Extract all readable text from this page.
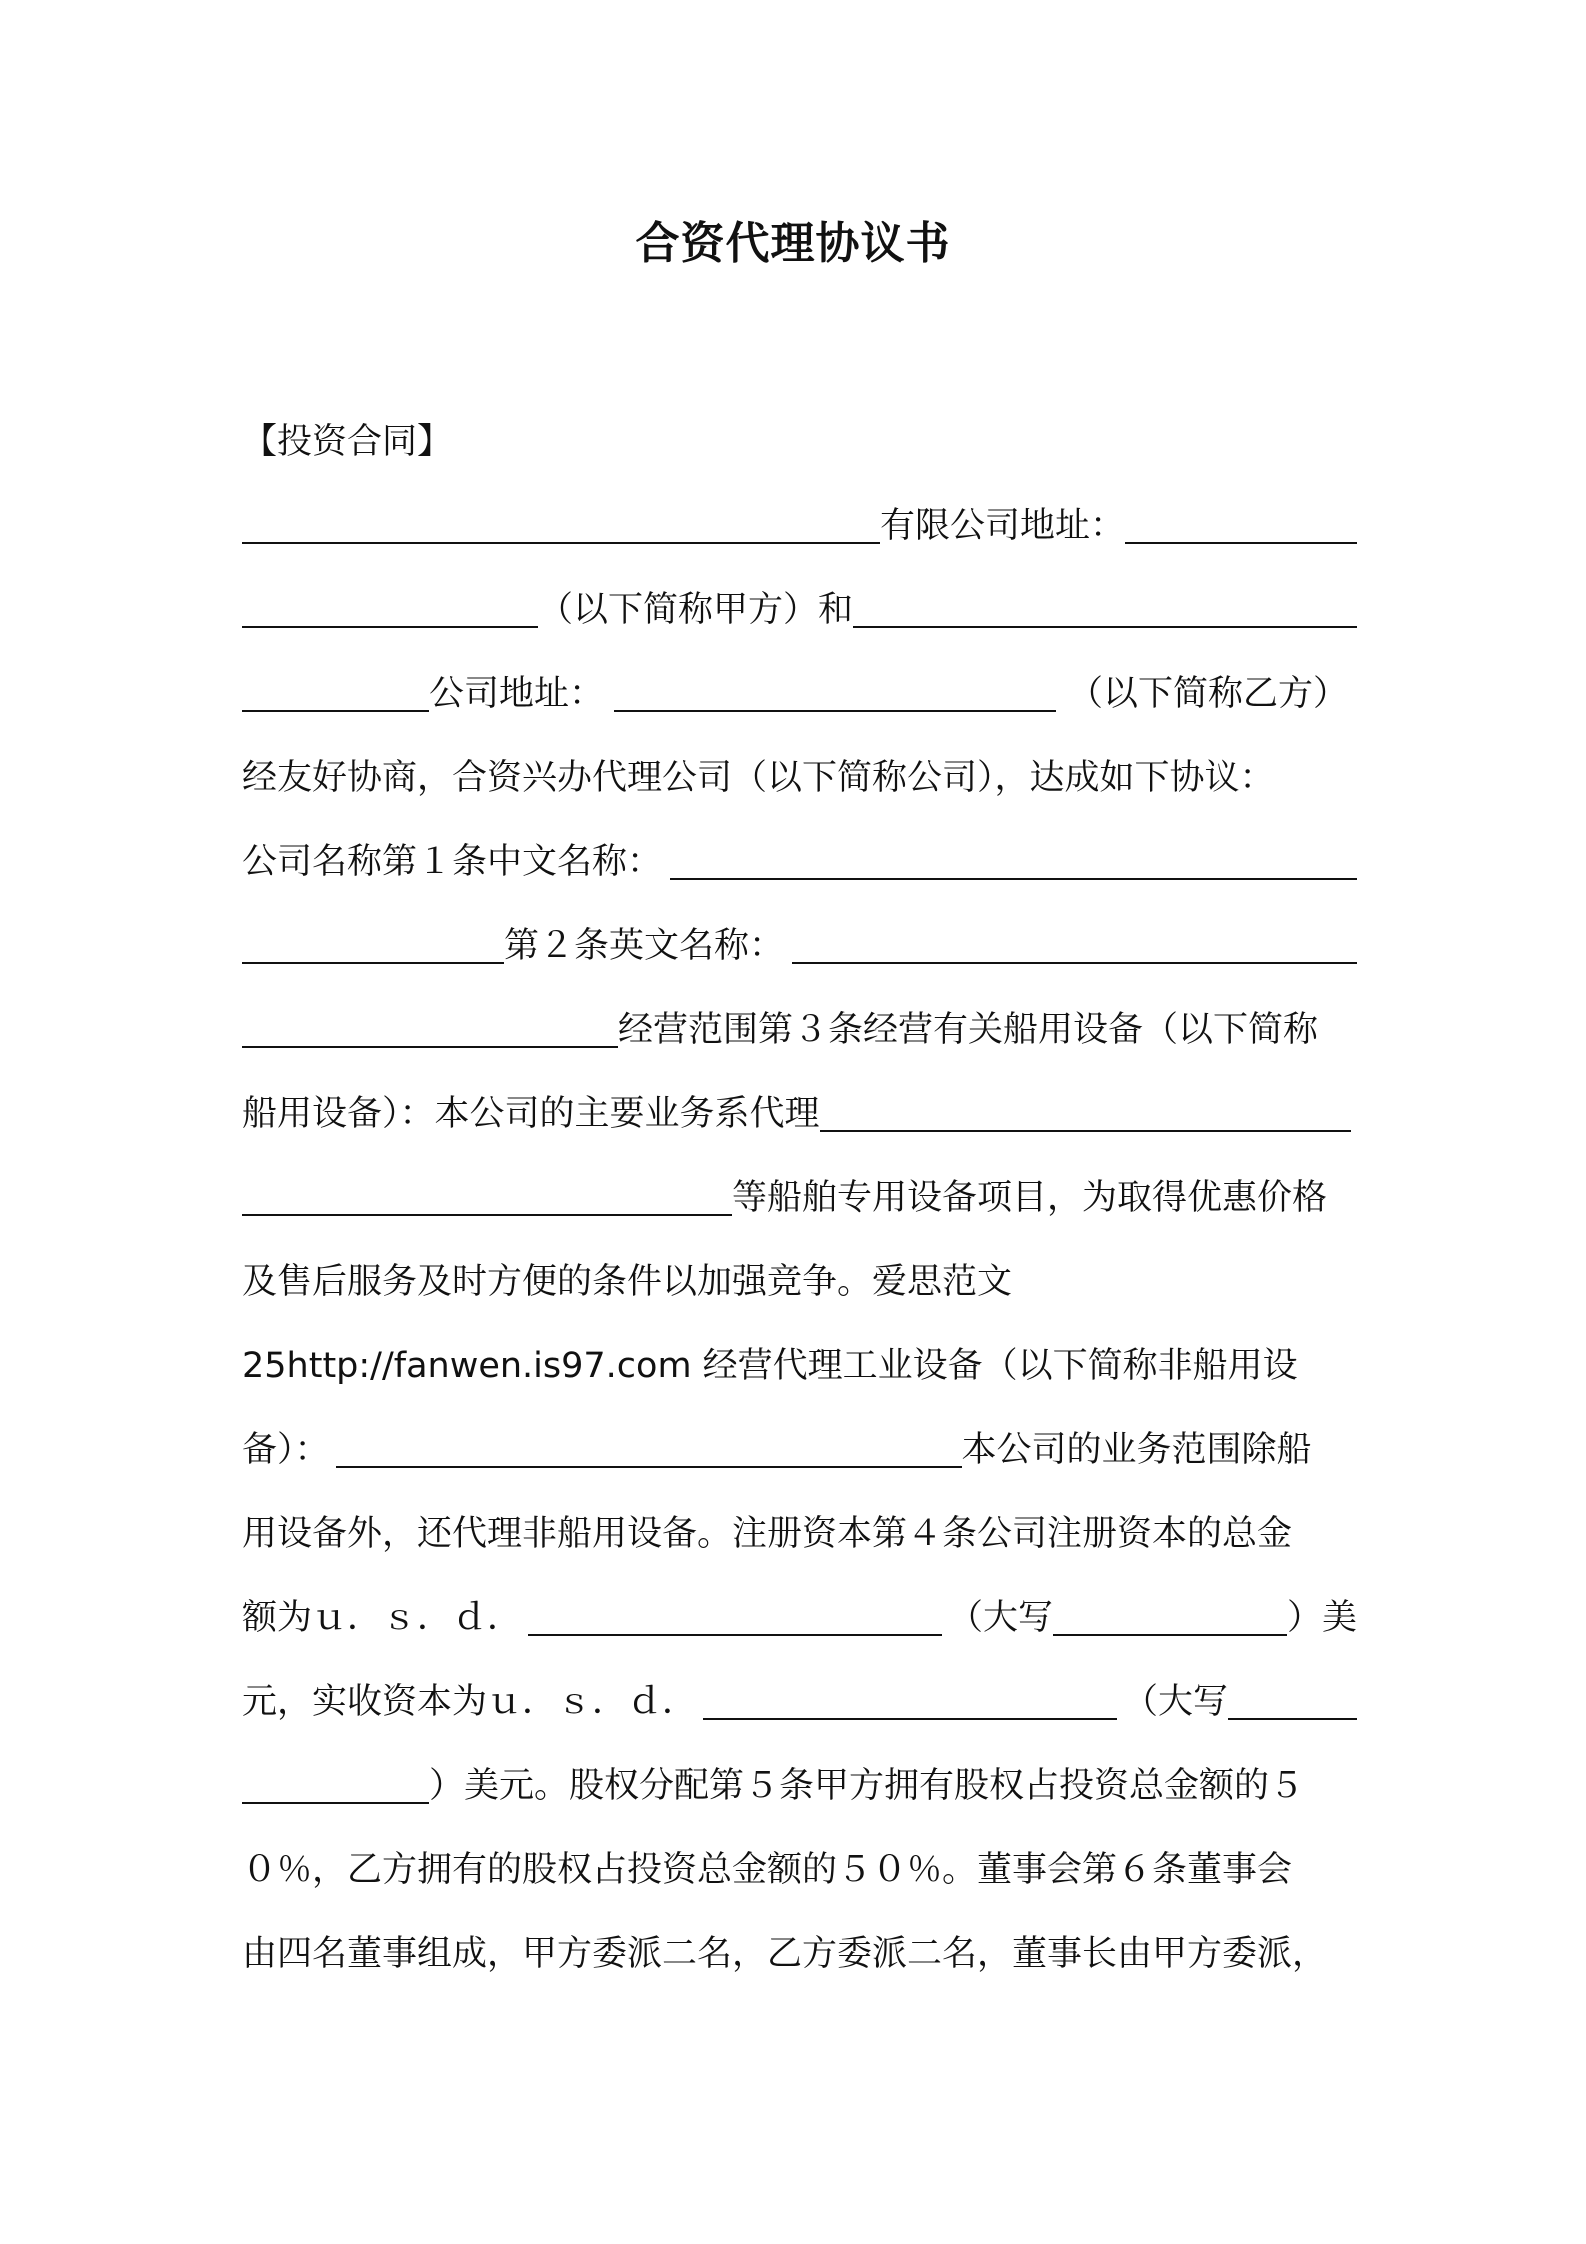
合资代理协议书
【投资合同】
有限公司地址：
（以下简称甲方）和
公司地址：	（以下简称乙方）
经友好协商，合资兴办代理公司（以下简称公司），达成如下协议：
公司名称第１条中文名称：
第２条英文名称：
经营范围第３条经营有关船用设备（以下简称
船用设备）：本公司的主要业务系代理
等船舶专用设备项目，为取得优惠价格
及售后服务及时方便的条件以加强竞争。爱思范文
25http://fanwen.is97.com 经营代理工业设备（以下简称非船用设
备）：	本公司的业务范围除船
用设备外，还代理非船用设备。注册资本第４条公司注册资本的总金
额为ｕ．ｓ．ｄ．	（大写	）美
元，实收资本为ｕ．ｓ．ｄ．	（大写
）美元。股权分配第５条甲方拥有股权占投资总金额的５
０％，乙方拥有的股权占投资总金额的５０％。董事会第６条董事会
由四名董事组成，甲方委派二名，乙方委派二名，董事长由甲方委派，
